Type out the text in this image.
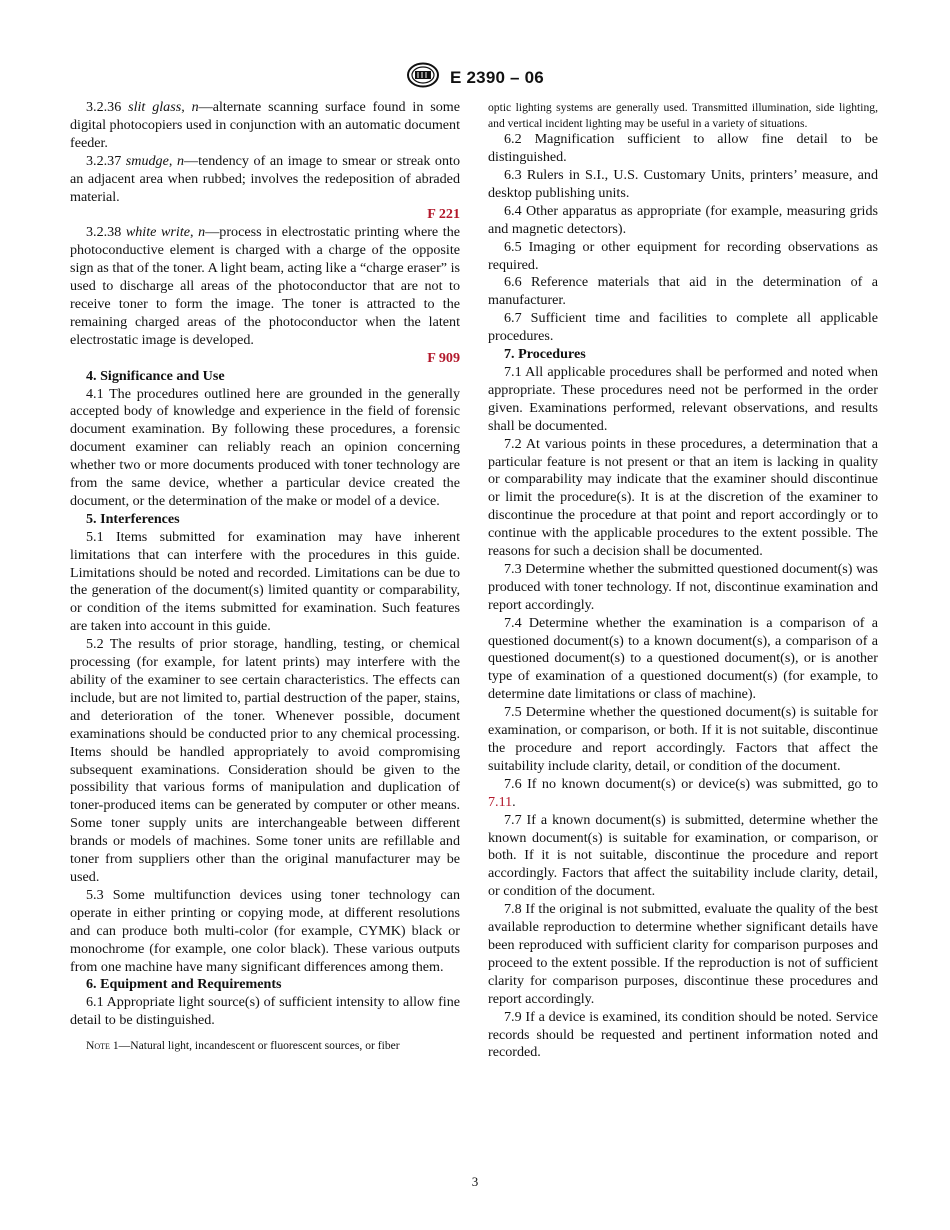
E 2390 – 06

3.2.36 slit glass, n—alternate scanning surface found in some digital photocopiers used in conjunction with an automatic document feeder.

3.2.37 smudge, n—tendency of an image to smear or streak onto an adjacent area when rubbed; involves the redeposition of abraded material.

F 221

3.2.38 white write, n—process in electrostatic printing where the photoconductive element is charged with a charge of the opposite sign as that of the toner. A light beam, acting like a “charge eraser” is used to discharge all areas of the photoconductor that are not to receive toner to form the image. The toner is attracted to the remaining charged areas of the photoconductor when the latent electrostatic image is developed.

F 909

4. Significance and Use

4.1 The procedures outlined here are grounded in the generally accepted body of knowledge and experience in the field of forensic document examination. By following these procedures, a forensic document examiner can reliably reach an opinion concerning whether two or more documents produced with toner technology are from the same device, whether a particular device created the document, or the determination of the make or model of a device.

5. Interferences

5.1 Items submitted for examination may have inherent limitations that can interfere with the procedures in this guide. Limitations should be noted and recorded. Limitations can be due to the generation of the document(s) limited quantity or comparability, or condition of the items submitted for examination. Such features are taken into account in this guide.

5.2 The results of prior storage, handling, testing, or chemical processing (for example, for latent prints) may interfere with the ability of the examiner to see certain characteristics. The effects can include, but are not limited to, partial destruction of the paper, stains, and deterioration of the toner. Whenever possible, document examinations should be conducted prior to any chemical processing. Items should be handled appropriately to avoid compromising subsequent examinations. Consideration should be given to the possibility that various forms of manipulation and duplication of toner-produced items can be generated by computer or other means. Some toner supply units are interchangeable between different brands or models of machines. Some toner units are refillable and toner from suppliers other than the original manufacturer may be used.

5.3 Some multifunction devices using toner technology can operate in either printing or copying mode, at different resolutions and can produce both multi-color (for example, CYMK) black or monochrome (for example, one color black). These various outputs from one machine have many significant differences among them.

6. Equipment and Requirements

6.1 Appropriate light source(s) of sufficient intensity to allow fine detail to be distinguished.

Note 1—Natural light, incandescent or fluorescent sources, or fiber

optic lighting systems are generally used. Transmitted illumination, side lighting, and vertical incident lighting may be useful in a variety of situations.

6.2 Magnification sufficient to allow fine detail to be distinguished.

6.3 Rulers in S.I., U.S. Customary Units, printers’ measure, and desktop publishing units.

6.4 Other apparatus as appropriate (for example, measuring grids and magnetic detectors).

6.5 Imaging or other equipment for recording observations as required.

6.6 Reference materials that aid in the determination of a manufacturer.

6.7 Sufficient time and facilities to complete all applicable procedures.

7. Procedures

7.1 All applicable procedures shall be performed and noted when appropriate. These procedures need not be performed in the order given. Examinations performed, relevant observations, and results shall be documented.

7.2 At various points in these procedures, a determination that a particular feature is not present or that an item is lacking in quality or comparability may indicate that the examiner should discontinue or limit the procedure(s). It is at the discretion of the examiner to discontinue the procedure at that point and report accordingly or to continue with the applicable procedures to the extent possible. The reasons for such a decision shall be documented.

7.3 Determine whether the submitted questioned document(s) was produced with toner technology. If not, discontinue examination and report accordingly.

7.4 Determine whether the examination is a comparison of a questioned document(s) to a known document(s), a comparison of a questioned document(s) to a questioned document(s), or is another type of examination of a questioned document(s) (for example, to determine date limitations or class of machine).

7.5 Determine whether the questioned document(s) is suitable for examination, or comparison, or both. If it is not suitable, discontinue the procedure and report accordingly. Factors that affect the suitability include clarity, detail, or condition of the document.

7.6 If no known document(s) or device(s) was submitted, go to 7.11.

7.7 If a known document(s) is submitted, determine whether the known document(s) is suitable for examination, or comparison, or both. If it is not suitable, discontinue the procedure and report accordingly. Factors that affect the suitability include clarity, detail, or condition of the document.

7.8 If the original is not submitted, evaluate the quality of the best available reproduction to determine whether significant details have been reproduced with sufficient clarity for comparison purposes and proceed to the extent possible. If the reproduction is not of sufficient clarity for comparison purposes, discontinue these procedures and report accordingly.

7.9 If a device is examined, its condition should be noted. Service records should be requested and pertinent information noted and recorded.

3
